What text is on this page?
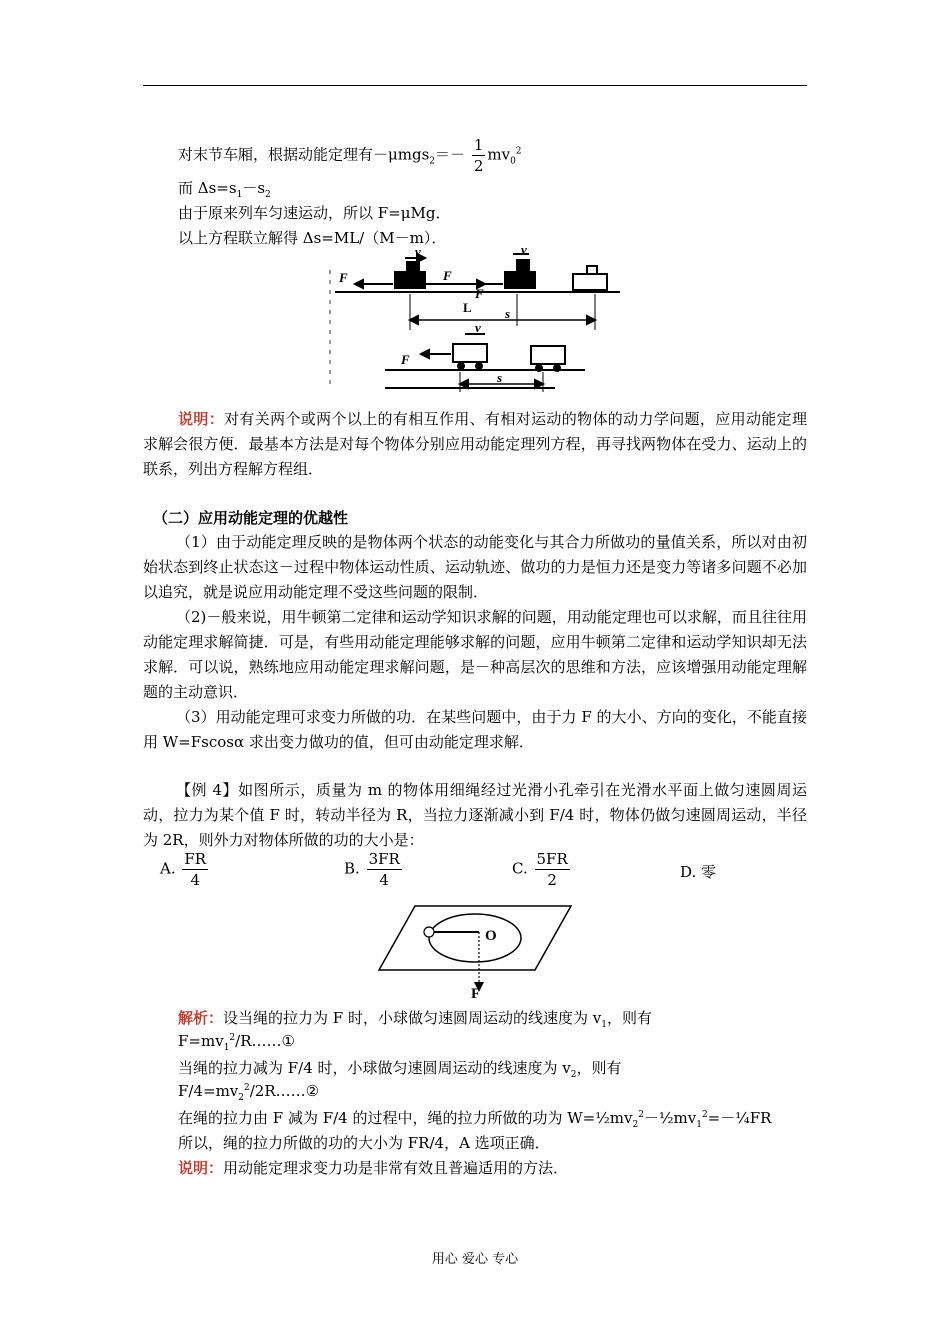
对末节车厢，根据动能定理有$-\mu mgs_2=- \frac{1}{2} mv_0^2$
而 $\Delta s=s_1-s_2$
由于原来列车匀速运动，所以 F=μMg．
以上方程联立解得 Δs=ML/（M－m）．
F
v
F
F
v
L	s
F
v
s
说明：对有关两个或两个以上的有相互作用、有相对运动的物体的动力学问题，应用动能定理求解会很方便．最基本方法是对每个物体分别应用动能定理列方程，再寻找两物体在受力、运动上的联系，列出方程解方程组．
（二）应用动能定理的优越性
（1）由于动能定理反映的是物体两个状态的动能变化与其合力所做功的量值关系，所以对由初始状态到终止状态这－过程中物体运动性质、运动轨迹、做功的力是恒力还是变力等诸多问题不必加以追究，就是说应用动能定理不受这些问题的限制．
（2)－般来说，用牛顿第二定律和运动学知识求解的问题，用动能定理也可以求解，而且往往用动能定理求解简捷．可是，有些用动能定理能够求解的问题，应用牛顿第二定律和运动学知识却无法求解．可以说，熟练地应用动能定理求解问题，是－种高层次的思维和方法，应该增强用动能定理解题的主动意识．
（3）用动能定理可求变力所做的功．在某些问题中，由于力 F 的大小、方向的变化，不能直接用 W=Fscosα 求出变力做功的值，但可由动能定理求解．
【例 4】如图所示，质量为 m 的物体用细绳经过光滑小孔牵引在光滑水平面上做匀速圆周运动，拉力为某个值 F 时，转动半径为 R，当拉力逐渐减小到 F/4 时，物体仍做匀速圆周运动，半径为 2R，则外力对物体所做的功的大小是：
A. $\frac{FR}{4}$	B. $\frac{3FR}{4}$	C. $\frac{5FR}{2}$	D. 零
O
F
解析：设当绳的拉力为 F 时，小球做匀速圆周运动的线速度为 $v_1$，则有
$F=mv_1^2/R\dots\dots ①$
当绳的拉力减为 F/4 时，小球做匀速圆周运动的线速度为 $v_2$，则有
$F/4=mv_2^2/2R\dots\dots ②$
在绳的拉力由 F 减为 F/4 的过程中，绳的拉力所做的功为 $W=\frac{1}{2}mv_2^2-\frac{1}{2}mv_1^2=-\frac{1}{4}FR$
所以，绳的拉力所做的功的大小为 FR/4，A 选项正确．
说明：用动能定理求变力功是非常有效且普遍适用的方法．
用心 爱心 专心
